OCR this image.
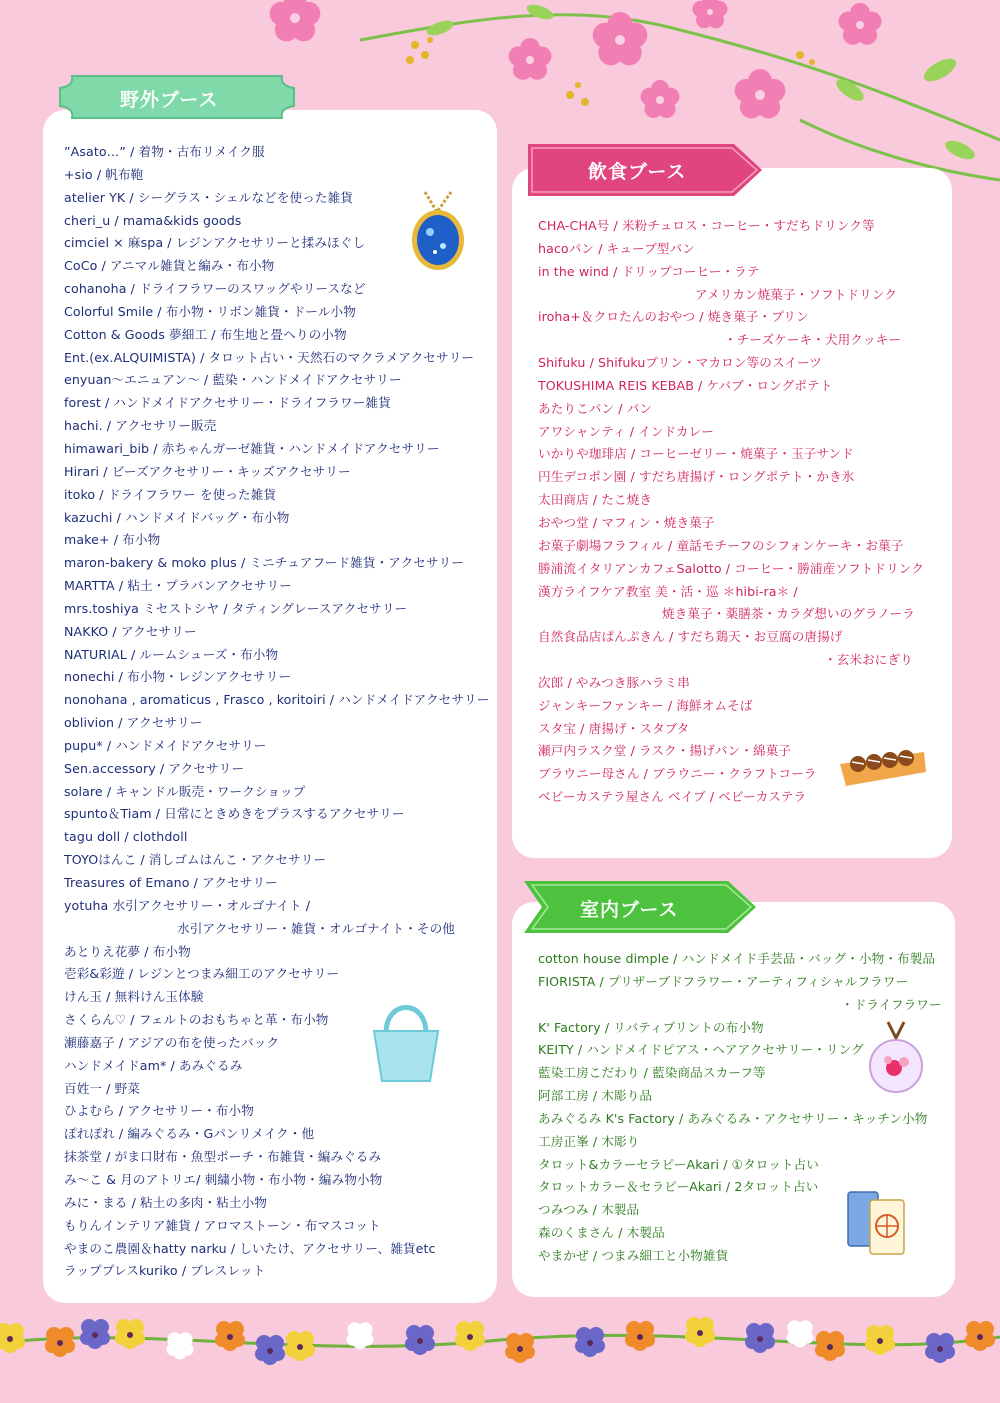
野外ブース
飲食ブース
室内ブース
”Asato…” / 着物・古布リメイク服
+sio / 帆布鞄
atelier YK / シーグラス・シェルなどを使った雑貨
cheri_u / mama&kids goods
cimciel × 麻spa / レジンアクセサリーと揉みほぐし
CoCo / アニマル雑貨と編み・布小物
cohanoha / ドライフラワーのスワッグやリースなど
Colorful Smile / 布小物・リボン雑貨・ドール小物
Cotton & Goods 夢細工 / 布生地と畳へりの小物
Ent.(ex.ALQUIMISTA) / タロット占い・天然石のマクラメアクセサリー
enyuan～エニュアン～ / 藍染・ハンドメイドアクセサリー
forest / ハンドメイドアクセサリー・ドライフラワー雑貨
hachi. / アクセサリー販売
himawari_bib / 赤ちゃんガーゼ雑貨・ハンドメイドアクセサリー
Hirari / ビーズアクセサリー・キッズアクセサリー
itoko / ドライフラワー を使った雑貨
kazuchi / ハンドメイドバッグ・布小物
make+ / 布小物
maron-bakery & moko plus / ミニチュアフード雑貨・アクセサリー
MARTTA / 粘土・プラバンアクセサリー
mrs.toshiya ミセストシヤ / タティングレースアクセサリー
NAKKO / アクセサリー
NATURIAL / ルームシューズ・布小物
nonechi / 布小物・レジンアクセサリー
nonohana , aromaticus , Frasco , koritoiri / ハンドメイドアクセサリー
oblivion / アクセサリー
pupu* / ハンドメイドアクセサリー
Sen.accessory / アクセサリー
solare / キャンドル販売・ワークショップ
spunto＆Tiam / 日常にときめきをプラスするアクセサリー
tagu doll / clothdoll
TOYOはんこ / 消しゴムはんこ・アクセサリー
Treasures of Emano / アクセサリー
yotuha 水引アクセサリー・オルゴナイト /
水引アクセサリー・雑貨・オルゴナイト・その他
あとりえ花夢 / 布小物
壱彩&彩遊 / レジンとつまみ細工のアクセサリー
けん玉 / 無料けん玉体験
さくらん♡ / フェルトのおもちゃと革・布小物
瀬藤嘉子 / アジアの布を使ったバック
ハンドメイドam* / あみぐるみ
百姓一 / 野菜
ひよむら / アクセサリー・布小物
ぽれぽれ / 編みぐるみ・Gパンリメイク・他
抹茶堂 / がま口財布・魚型ポーチ・布雑貨・編みぐるみ
み～こ & 月のアトリエ/ 刺繍小物・布小物・編み物小物
みに・まる / 粘土の多肉・粘土小物
もりんインテリア雑貨 / アロマストーン・布マスコット
やまのこ農園＆hatty narku / しいたけ、アクセサリー、雑貨etc
ラッププレスkuriko / ブレスレット
CHA-CHA号 / 米粉チュロス・コーヒー・すだちドリンク等
hacoパン / キューブ型パン
in the wind / ドリップコーヒー・ラテ
アメリカン焼菓子・ソフトドリンク
iroha+＆クロたんのおやつ / 焼き菓子・プリン
・チーズケーキ・犬用クッキー
Shifuku / Shifukuプリン・マカロン等のスイーツ
TOKUSHIMA REIS KEBAB / ケバブ・ロングポテト
あたりこパン / パン
アワシャンティ / インドカレー
いかりや珈琲店 / コーヒーゼリー・焼菓子・玉子サンド
円生デコポン園 / すだち唐揚げ・ロングポテト・かき氷
太田商店 / たこ焼き
おやつ堂 / マフィン・焼き菓子
お菓子劇場フラフィル / 童話モチーフのシフォンケーキ・お菓子
勝浦流イタリアンカフェSalotto / コーヒー・勝浦産ソフトドリンク
漢方ライフケア教室 美・活・巡 ＊hibi-ra＊ /
焼き菓子・薬膳茶・カラダ想いのグラノーラ
自然食品店ぱんぷきん / すだち鶏天・お豆腐の唐揚げ
・玄米おにぎり
次郎 / やみつき豚ハラミ串
ジャンキーファンキー / 海鮮オムそば
スタ宝 / 唐揚げ・スタブタ
瀬戸内ラスク堂 / ラスク・揚げパン・綿菓子
ブラウニー母さん / ブラウニー・クラフトコーラ
ベビーカステラ屋さん ベイブ / ベビーカステラ
cotton house dimple / ハンドメイド手芸品・バッグ・小物・布製品
FIORISTA / プリザーブドフラワー・アーティフィシャルフラワー
・ドライフラワー
K' Factory / リバティプリントの布小物
KEITY / ハンドメイドピアス・ヘアアクセサリー・リング
藍染工房こだわり / 藍染商品スカーフ等
阿部工房 / 木彫り品
あみぐるみ K's Factory / あみぐるみ・アクセサリー・キッチン小物
工房正峯 / 木彫り
タロット&カラーセラピーAkari / ①タロット占い
タロットカラー＆セラピーAkari / 2タロット占い
つみつみ / 木製品
森のくまさん / 木製品
やまかぜ / つまみ細工と小物雑貨
